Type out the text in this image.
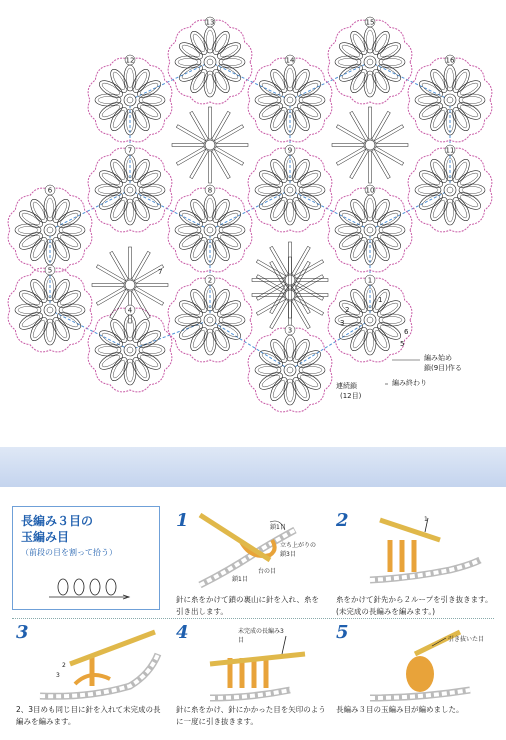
13
14
15
12	16
7	9	11
6	8	10
5
1
4
2
3
編み始め
鎖(9目)作る
編み終わり
連続鎖
(12目)
1
2
3
5
6
7
長編み３目の
玉編み目
（前段の目を割って拾う）
1	鎖1目
立ち上がりの鎖3目
台の目
鎖1目
針に糸をかけて鎖の裏山に針を入れ、糸を引き出します。
2	1
糸をかけて針先から２ループを引き抜きます。(未完成の長編みを編みます。)
3
2
3
2、3目めも同じ目に針を入れて未完成の長編みを編みます。
4	未完成の長編み3目
針に糸をかけ、針にかかった目を矢印のように一度に引き抜きます。
5	引き抜いた目
長編み３目の玉編み目が編めました。
